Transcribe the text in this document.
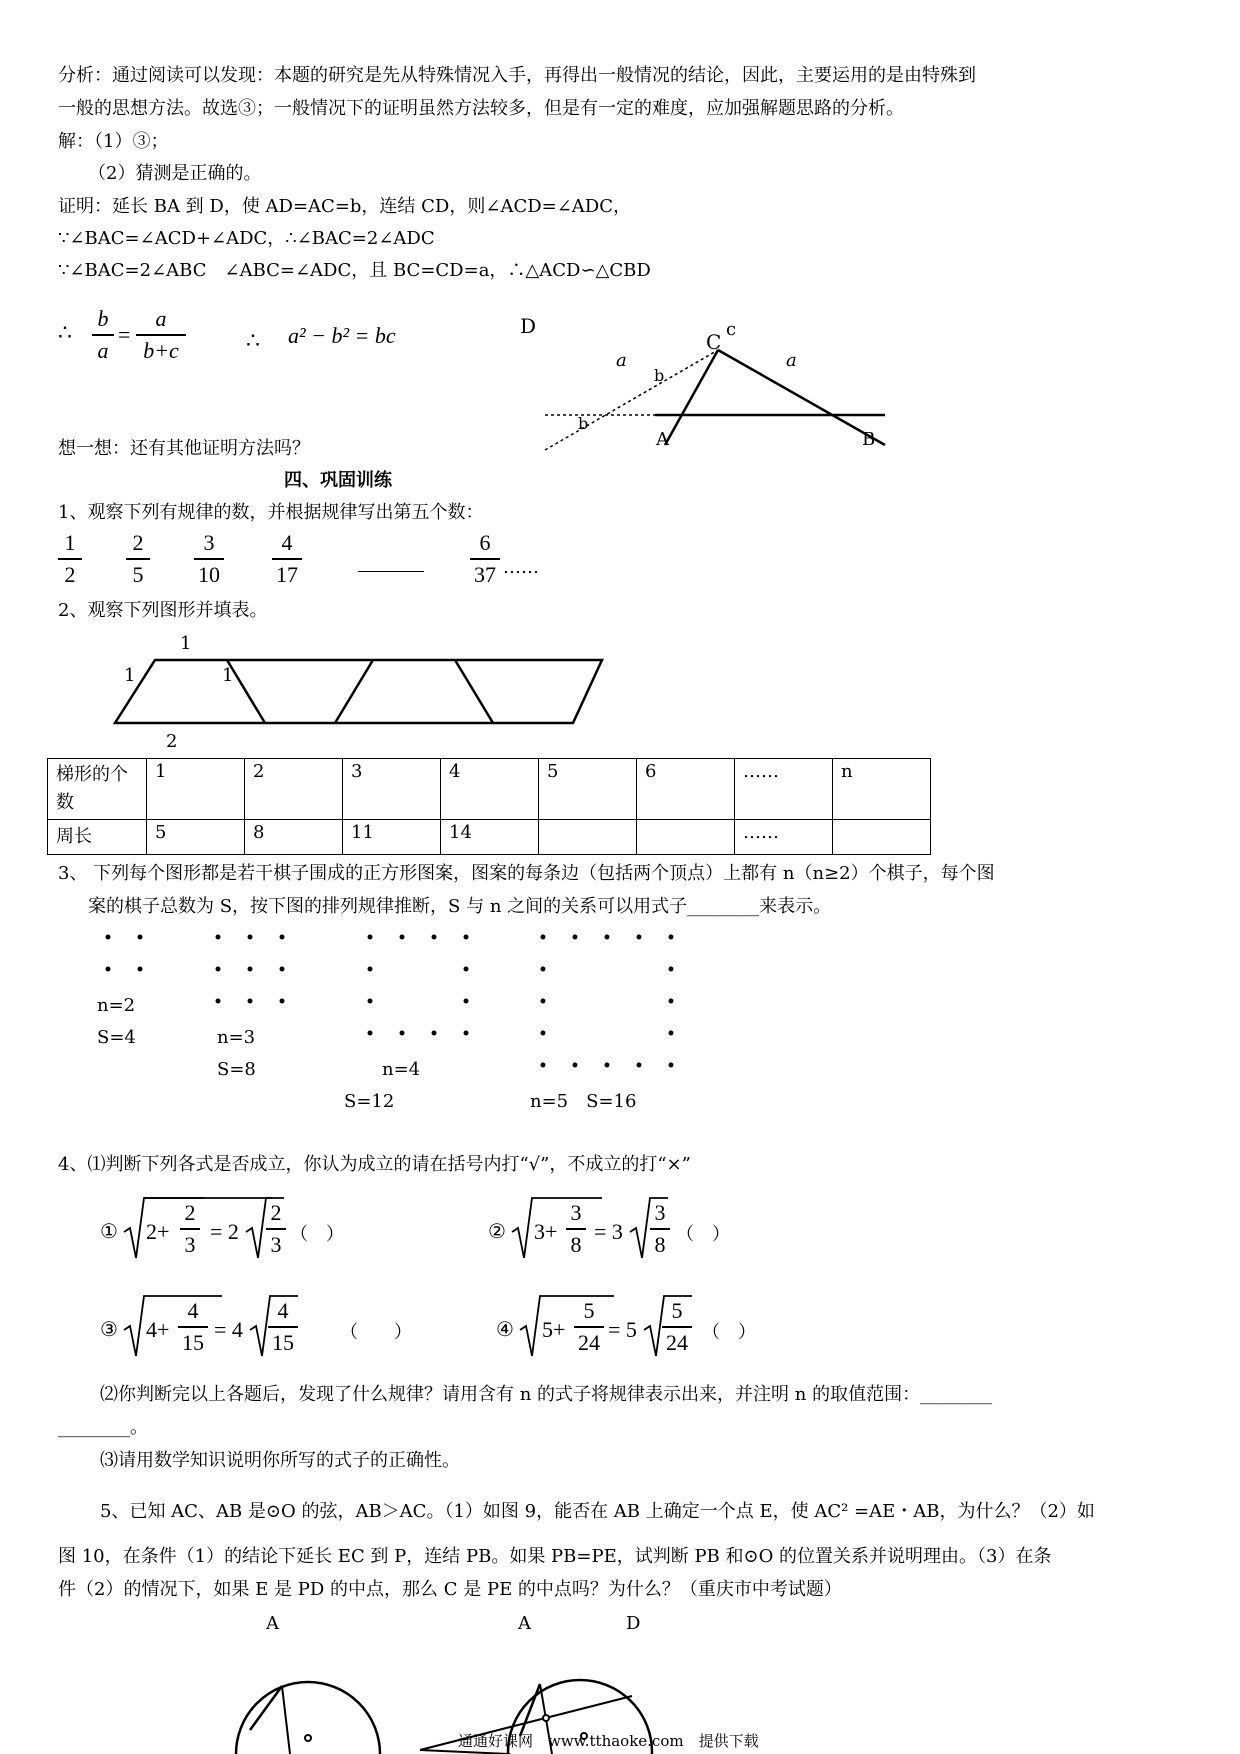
分析：通过阅读可以发现：本题的研究是先从特殊情况入手，再得出一般情况的结论，因此，主要运用的是由特殊到
一般的思想方法。故选③；一般情况下的证明虽然方法较多，但是有一定的难度，应加强解题思路的分析。
解：（1）③；
（2）猜测是正确的。
证明：延长 BA 到 D，使 AD=AC=b，连结 CD，则∠ACD=∠ADC，
∵∠BAC=∠ACD+∠ADC，∴∠BAC=2∠ADC
∵∠BAC=2∠ABC　∠ABC=∠ADC，且 BC=CD=a，∴△ACD∽△CBD
∴
b
a
=
a
b+c	∴ a² − b² = bc	D
C
c
a	a
b
b
A	B
想一想：还有其他证明方法吗？
四、巩固训练
1、观察下列有规律的数，并根据规律写出第五个数：
1
2
2
5
3
10
4
17
6
37 ……
2、观察下列图形并填表。
1
1	1
2
梯形的个数	1	2	3	4	5	6	……	n
周长	5	8	11	14			……	
3、 下列每个图形都是若干棋子围成的正方形图案，图案的每条边（包括两个顶点）上都有 n（n≥2）个棋子，每个图
案的棋子总数为 S，按下图的排列规律推断，S 与 n 之间的关系可以用式子________来表示。
n=2
S=4	n=3
S=8	n=4
S=12	n=5　S=16
4、⑴判断下列各式是否成立，你认为成立的请在括号内打“√”，不成立的打“×”
① 2+
2
3
= 2
2
3 （　）	② 3+
3
8
= 3
3
8 （　）
③ 4+
4
15
= 4
4
15	（　　）	④ 5+
5
24
= 5
5
24 （　）
⑵你判断完以上各题后，发现了什么规律？请用含有 n 的式子将规律表示出来，并注明 n 的取值范围：________
________。
⑶请用数学知识说明你所写的式子的正确性。
5、已知 AC、AB 是⊙O 的弦，AB＞AC。（1）如图 9，能否在 AB 上确定一个点 E，使 AC² =AE・AB，为什么？（2）如
图 10，在条件（1）的结论下延长 EC 到 P，连结 PB。如果 PB=PE，试判断 PB 和⊙O 的位置关系并说明理由。（3）在条
件（2）的情况下，如果 E 是 PD 的中点，那么 C 是 PE 的中点吗？为什么？（重庆市中考试题）
A	A	D
通通好课网　www.tthaoke.com　提供下载
